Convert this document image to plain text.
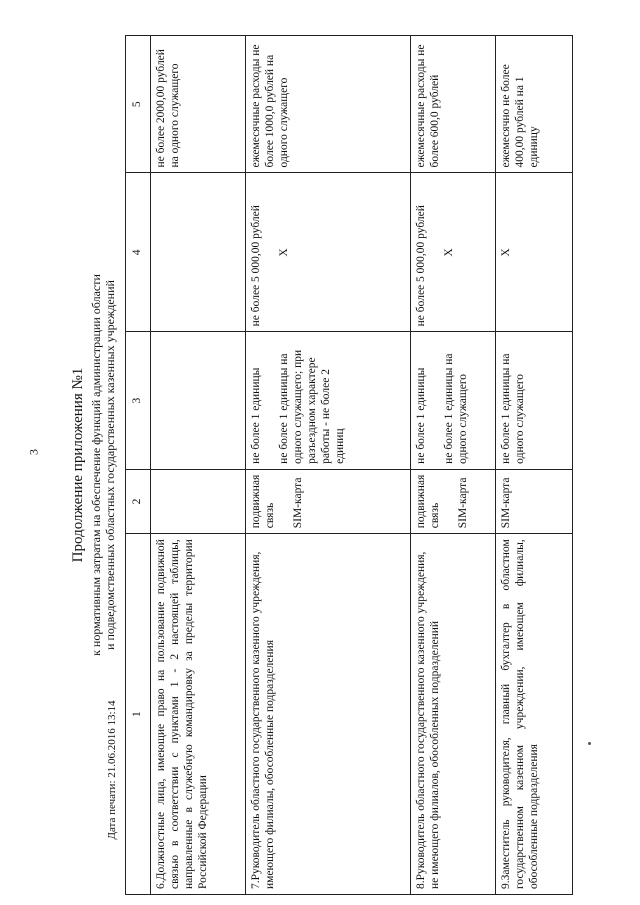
3 Продолжение приложения №1 к нормативным затратам на обеспечение функций администрации области и подведомственных областных государственных казенных учреждений
1	2	3	4	5
6.Должностные лица, имеющие право на пользование подвижной связью в соответствии с пунктами 1 - 2 настоящей таблицы, направленные в служебную командировку за пределы территории Российской Федерации				не более 2000,00 рублей на одного служащего
7.Руководитель областного государственного казенного учреждения, имеющего филиалы, обособленные подразделения	подвижная связь SIM-карта	не более 1 единицы не более 1 единицы на одного служащего; при разъездном характере работы - не более 2 единиц	не более 5 000,00 рублей X	ежемесячные расходы не более 1000,0 рублей на одного служащего
8.Руководитель областного государственного казенного учреждения, не имеющего филиалов, обособленных подразделений	подвижная связь SIM-карта	не более 1 единицы не более 1 единицы на одного служащего	не более 5 000,00 рублей X	ежемесячные расходы не более 600,0 рублей
9.Заместитель руководителя, главный бухгалтер в областном государственном казенном учреждении, имеющем филиалы, обособленные подразделения	SIM-карта	не более 1 единицы на одного служащего	X	ежемесячно не более 400,00 рублей на 1 единицу
Дата печати: 21.06.2016 13:14
